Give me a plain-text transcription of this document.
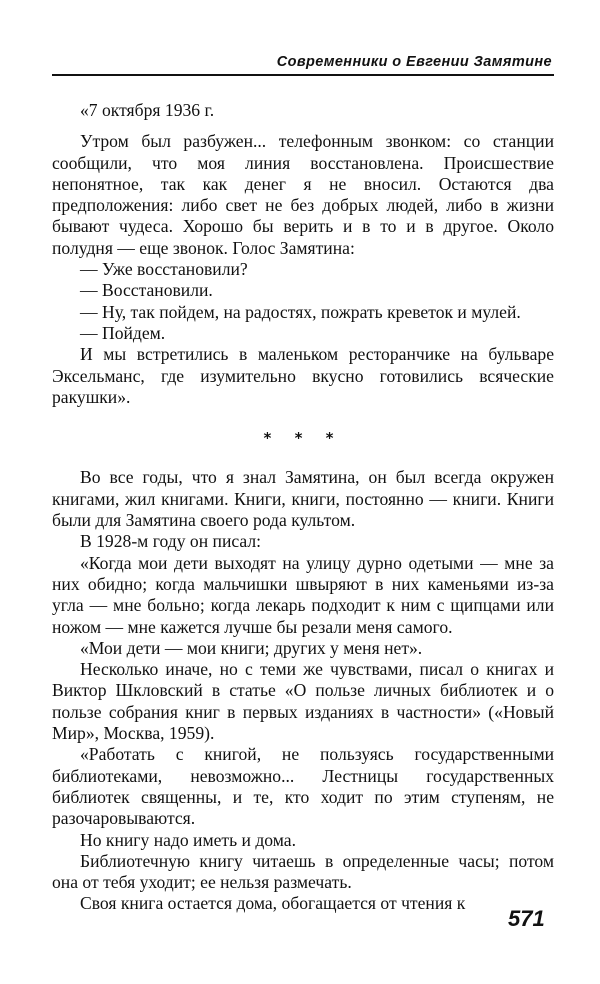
Современники о Евгении Замятине

«7 октября 1936 г.

Утром был разбужен... телефонным звонком: со станции сообщили, что моя линия восстановлена. Происшествие непонятное, так как денег я не вносил. Остаются два предположения: либо свет не без добрых людей, либо в жизни бывают чудеса. Хорошо бы верить и в то и в другое. Около полудня — еще звонок. Голос Замятина:

— Уже восстановили?

— Восстановили.

— Ну, так пойдем, на радостях, пожрать креветок и мулей.

— Пойдем.

И мы встретились в маленьком ресторанчике на бульваре Эксельманс, где изумительно вкусно готовились всяческие ракушки».

* * *

Во все годы, что я знал Замятина, он был всегда окружен книгами, жил книгами. Книги, книги, постоянно — книги. Книги были для Замятина своего рода культом.

В 1928-м году он писал:

«Когда мои дети выходят на улицу дурно одетыми — мне за них обидно; когда мальчишки швыряют в них каменьями из-за угла — мне больно; когда лекарь подходит к ним с щипцами или ножом — мне кажется лучше бы резали меня самого.

«Мои дети — мои книги; других у меня нет».

Несколько иначе, но с теми же чувствами, писал о книгах и Виктор Шкловский в статье «О пользе личных библиотек и о пользе собрания книг в первых изданиях в частности» («Новый Мир», Москва, 1959).

«Работать с книгой, не пользуясь государственными библиотеками, невозможно... Лестницы государственных библиотек священны, и те, кто ходит по этим ступеням, не разочаровываются.

Но книгу надо иметь и дома.

Библиотечную книгу читаешь в определенные часы; потом она от тебя уходит; ее нельзя размечать.

Своя книга остается дома, обогащается от чтения к

571
